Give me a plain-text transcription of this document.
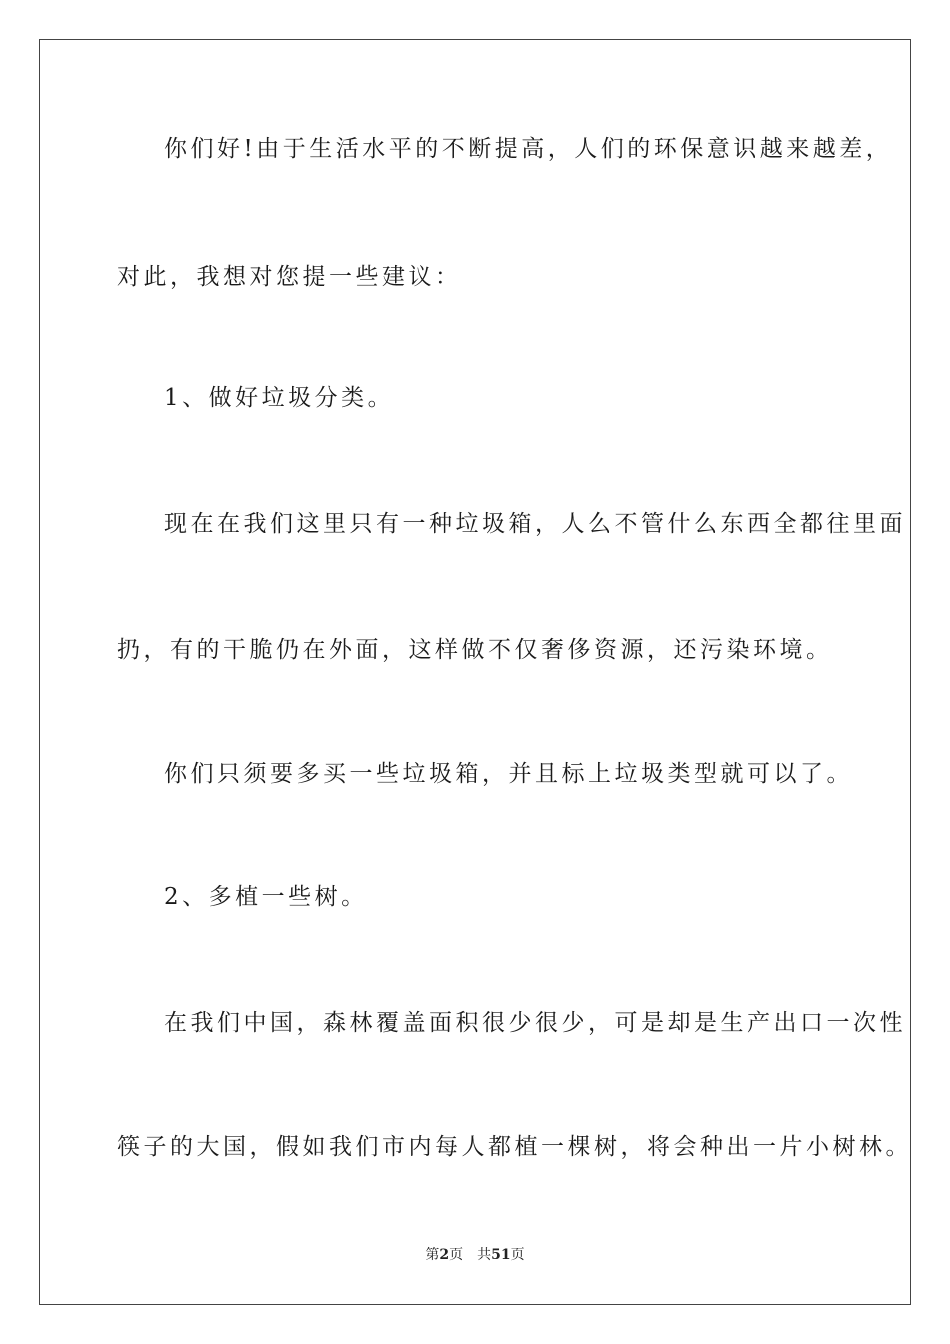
你们好!由于生活水平的不断提高，人们的环保意识越来越差，
对此，我想对您提一些建议：
1、做好垃圾分类。
现在在我们这里只有一种垃圾箱，人么不管什么东西全都往里面
扔，有的干脆仍在外面，这样做不仅奢侈资源，还污染环境。
你们只须要多买一些垃圾箱，并且标上垃圾类型就可以了。
2、多植一些树。
在我们中国，森林覆盖面积很少很少，可是却是生产出口一次性
筷子的大国，假如我们市内每人都植一棵树，将会种出一片小树林。
第2页 共51页
